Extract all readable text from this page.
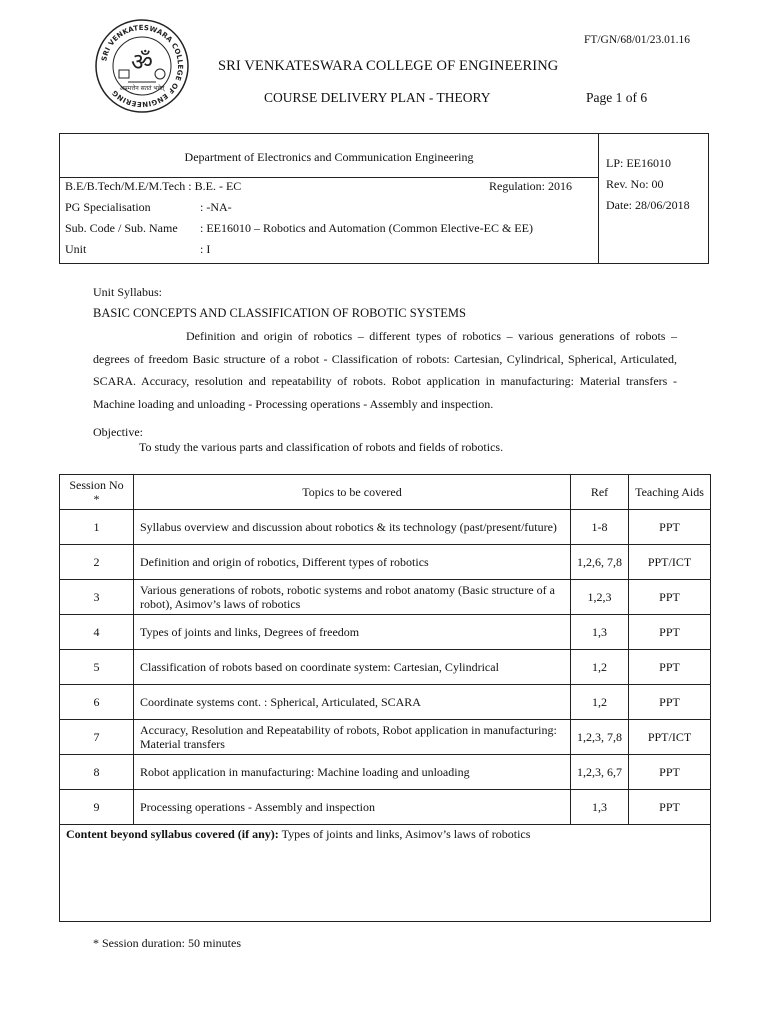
SRI VENKATESWARA COLLEGE OF ENGINEERING
ॐ
अप्रमत्तेन सततं भवेत्
FT/GN/68/01/23.01.16
SRI VENKATESWARA COLLEGE OF ENGINEERING
COURSE DELIVERY PLAN - THEORY	Page 1 of 6
Department of Electronics and Communication Engineering
B.E/B.Tech/M.E/M.Tech : B.E. - EC	Regulation: 2016
PG Specialisation	: -NA-
Sub. Code / Sub. Name : EE16010 – Robotics and Automation (Common Elective-EC & EE)
Unit	: I
LP: EE16010
Rev. No: 00
Date: 28/06/2018
Unit Syllabus:
BASIC CONCEPTS AND CLASSIFICATION OF ROBOTIC SYSTEMS
Definition and origin of robotics – different types of robotics – various generations of robots – degrees of freedom Basic structure of a robot - Classification of robots: Cartesian, Cylindrical, Spherical, Articulated, SCARA. Accuracy, resolution and repeatability of robots. Robot application in manufacturing: Material transfers - Machine loading and unloading - Processing operations - Assembly and inspection.
Objective:
To study the various parts and classification of robots and fields of robotics.
Session No *	Topics to be covered	Ref	Teaching Aids
1	Syllabus overview and discussion about robotics & its technology (past/present/future)	1-8	PPT
2	Definition and origin of robotics, Different types of robotics	1,2,6, 7,8	PPT/ICT
3	Various generations of robots, robotic systems and robot anatomy (Basic structure of a robot), Asimov’s laws of robotics	1,2,3	PPT
4	Types of joints and links, Degrees of freedom	1,3	PPT
5	Classification of robots based on coordinate system: Cartesian, Cylindrical	1,2	PPT
6	Coordinate systems cont. : Spherical, Articulated, SCARA	1,2	PPT
7	Accuracy, Resolution and Repeatability of robots, Robot application in manufacturing: Material transfers	1,2,3, 7,8	PPT/ICT
8	Robot application in manufacturing: Machine loading and unloading	1,2,3, 6,7	PPT
9	Processing operations - Assembly and inspection	1,3	PPT
Content beyond syllabus covered (if any): Types of joints and links, Asimov’s laws of robotics			
* Session duration: 50 minutes
